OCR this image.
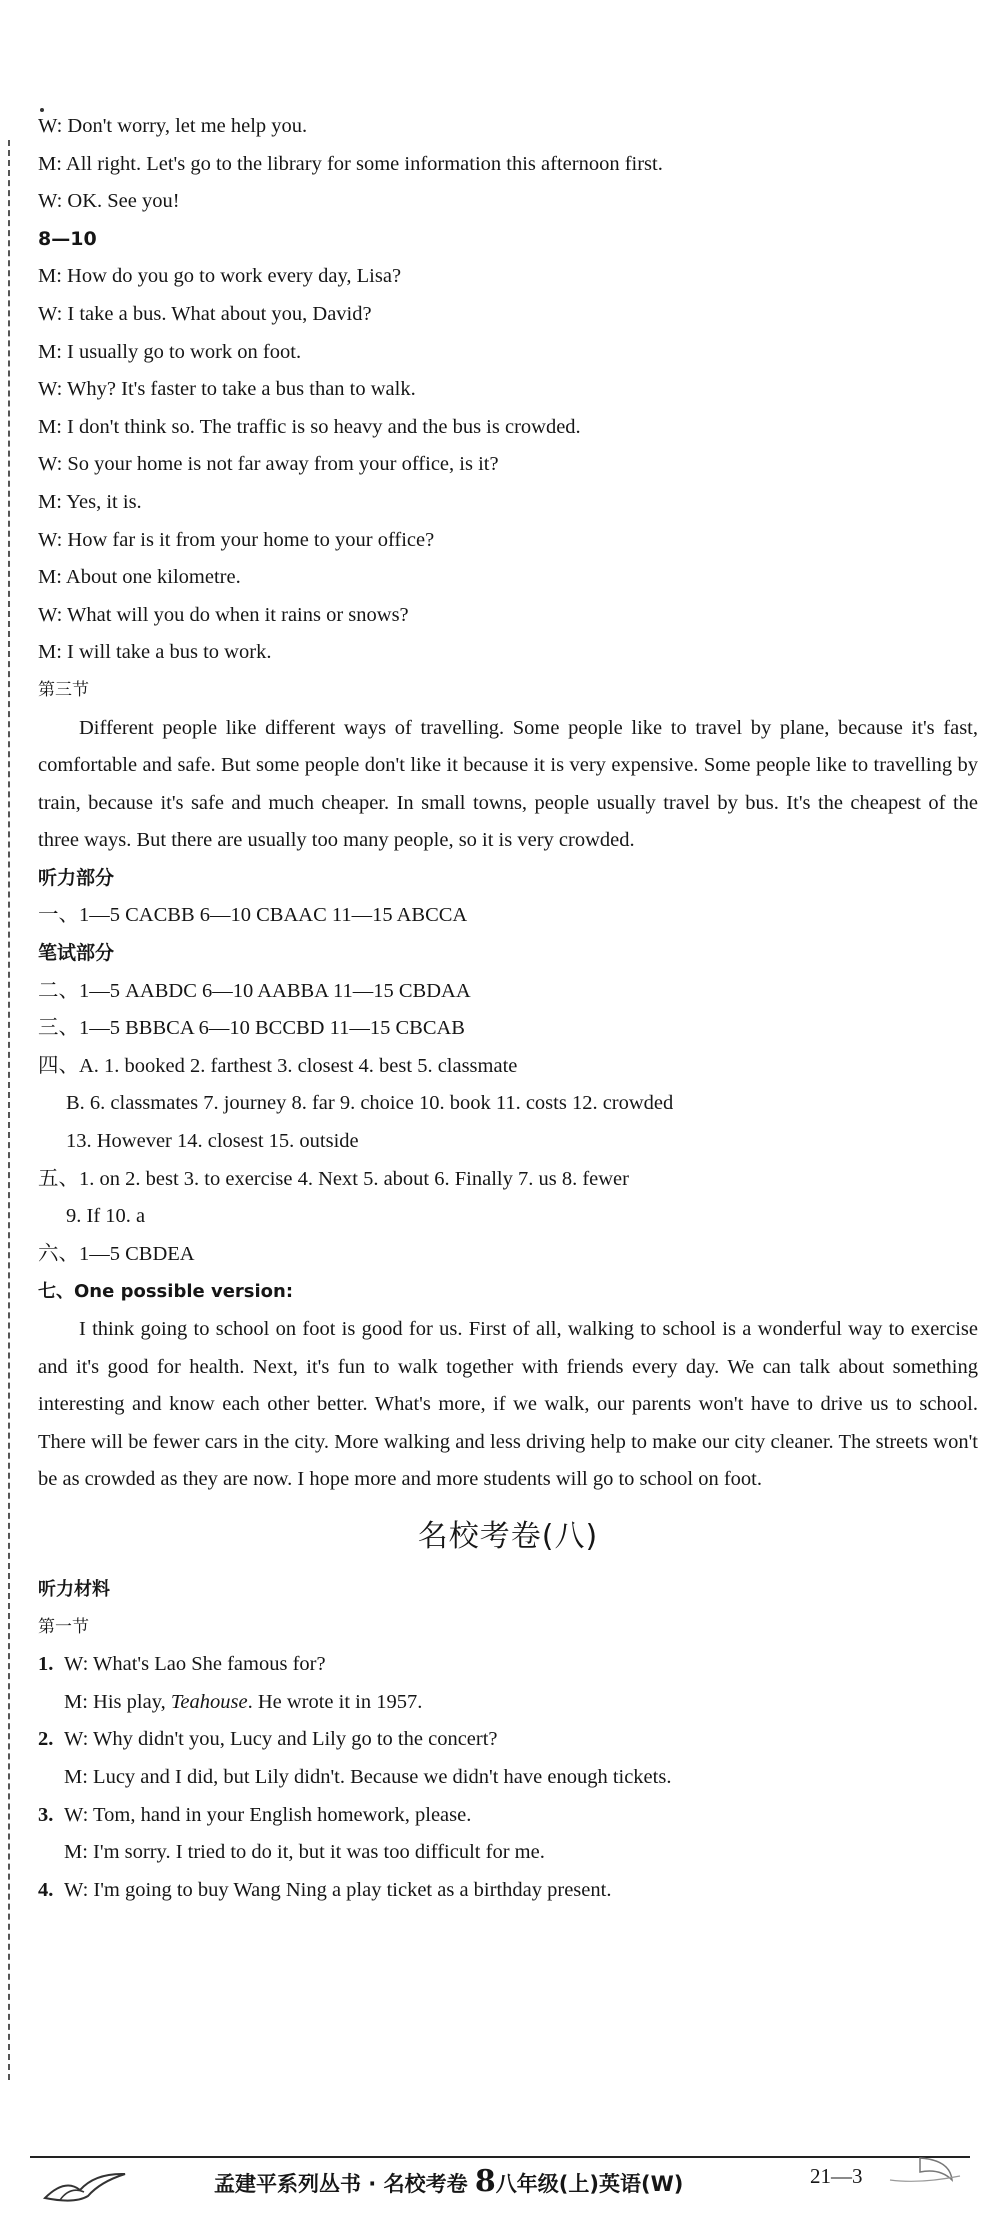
W: Don't worry, let me help you.
M: All right. Let's go to the library for some information this afternoon first.
W: OK. See you!
8—10
M: How do you go to work every day, Lisa?
W: I take a bus. What about you, David?
M: I usually go to work on foot.
W: Why? It's faster to take a bus than to walk.
M: I don't think so. The traffic is so heavy and the bus is crowded.
W: So your home is not far away from your office, is it?
M: Yes, it is.
W: How far is it from your home to your office?
M: About one kilometre.
W: What will you do when it rains or snows?
M: I will take a bus to work.
第三节
Different people like different ways of travelling. Some people like to travel by plane, because it's fast, comfortable and safe. But some people don't like it because it is very expensive. Some people like to travelling by train, because it's safe and much cheaper. In small towns, people usually travel by bus. It's the cheapest of the three ways. But there are usually too many people, so it is very crowded.
听力部分
一、1—5 CACBB 6—10 CBAAC 11—15 ABCCA
笔试部分
二、1—5 AABDC 6—10 AABBA 11—15 CBDAA
三、1—5 BBBCA 6—10 BCCBD 11—15 CBCAB
四、A. 1. booked 2. farthest 3. closest 4. best 5. classmate
B. 6. classmates 7. journey 8. far 9. choice 10. book 11. costs 12. crowded
13. However 14. closest 15. outside
五、1. on 2. best 3. to exercise 4. Next 5. about 6. Finally 7. us 8. fewer
9. If 10. a
六、1—5 CBDEA
七、One possible version:
I think going to school on foot is good for us. First of all, walking to school is a wonderful way to exercise and it's good for health. Next, it's fun to walk together with friends every day. We can talk about something interesting and know each other better. What's more, if we walk, our parents won't have to drive us to school. There will be fewer cars in the city. More walking and less driving help to make our city cleaner. The streets won't be as crowded as they are now. I hope more and more students will go to school on foot.
名校考卷(八)
听力材料
第一节
1. W: What's Lao She famous for?
M: His play, Teahouse. He wrote it in 1957.
2. W: Why didn't you, Lucy and Lily go to the concert?
M: Lucy and I did, but Lily didn't. Because we didn't have enough tickets.
3. W: Tom, hand in your English homework, please.
M: I'm sorry. I tried to do it, but it was too difficult for me.
4. W: I'm going to buy Wang Ning a play ticket as a birthday present.
孟建平系列丛书 · 名校考卷 8八年级(上)英语(W)	21—3
